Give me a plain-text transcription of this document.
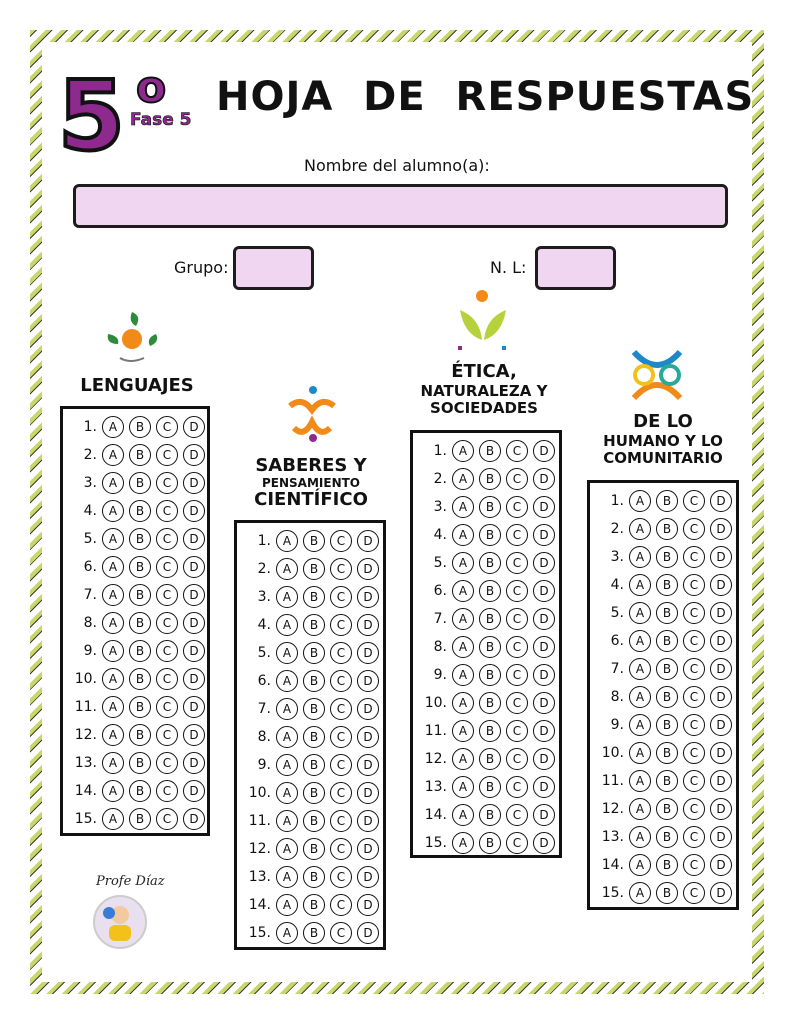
5 o
Fase 5 HOJA  DE  RESPUESTAS
Nombre del alumno(a):
Grupo:	N. L:
LENGUAJES
SABERES Y
PENSAMIENTO
CIENTÍFICO
ÉTICA,
NATURALEZA Y
SOCIEDADES
DE LO
HUMANO Y LO
COMUNITARIO
1. A	B	C	D
2. A	B	C	D
3. A	B	C	D
4. A	B	C	D
5. A	B	C	D
6. A	B	C	D
7. A	B	C	D
8. A	B	C	D
9. A	B	C	D
10. A	B	C	D
11. A	B	C	D
12. A	B	C	D
13. A	B	C	D
14. A	B	C	D
15. A	B	C	D
1. A	B	C	D
2. A	B	C	D
3. A	B	C	D
4. A	B	C	D
5. A	B	C	D
6. A	B	C	D
7. A	B	C	D
8. A	B	C	D
9. A	B	C	D
10. A	B	C	D
11. A	B	C	D
12. A	B	C	D
13. A	B	C	D
14. A	B	C	D
15. A	B	C	D
1. A	B	C	D
2. A	B	C	D
3. A	B	C	D
4. A	B	C	D
5. A	B	C	D
6. A	B	C	D
7. A	B	C	D
8. A	B	C	D
9. A	B	C	D
10. A	B	C	D
11. A	B	C	D
12. A	B	C	D
13. A	B	C	D
14. A	B	C	D
15. A	B	C	D
1. A	B	C	D
2. A	B	C	D
3. A	B	C	D
4. A	B	C	D
5. A	B	C	D
6. A	B	C	D
7. A	B	C	D
8. A	B	C	D
9. A	B	C	D
10. A	B	C	D
11. A	B	C	D
12. A	B	C	D
13. A	B	C	D
14. A	B	C	D
15. A	B	C	D
Profe Díaz
